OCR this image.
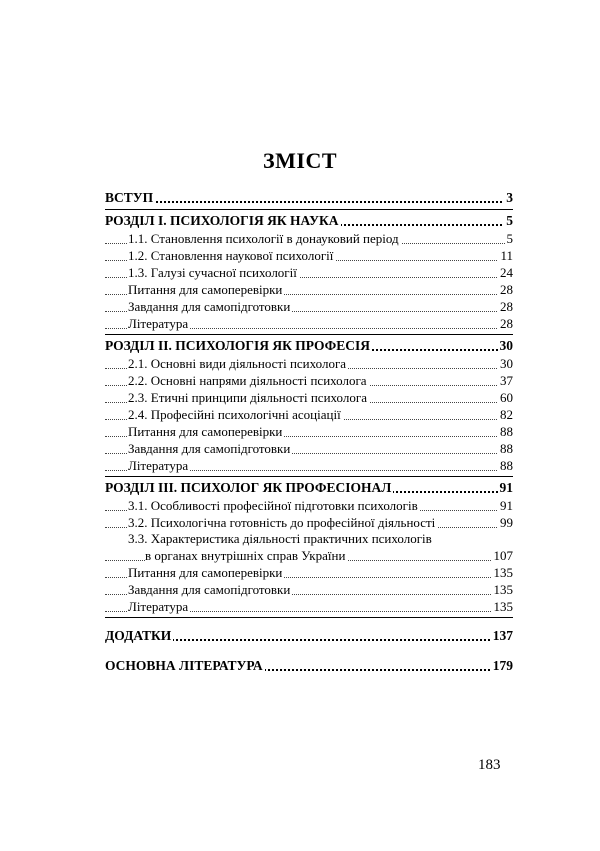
ЗМІСТ
ВСТУП	3
РОЗДІЛ І. ПСИХОЛОГІЯ ЯК НАУКА	5
1.1. Становлення психології в донауковий період	5
1.2. Становлення наукової психології	11
1.3. Галузі сучасної психології	24
Питання для самоперевірки	28
Завдання для самопідготовки	28
Література	28
РОЗДІЛ ІІ. ПСИХОЛОГІЯ ЯК ПРОФЕСІЯ	30
2.1. Основні види діяльності психолога	30
2.2. Основні напрями діяльності психолога	37
2.3. Етичні принципи діяльності психолога	60
2.4. Професійні психологічні асоціації	82
Питання для самоперевірки	88
Завдання для самопідготовки	88
Література	88
РОЗДІЛ ІІІ. ПСИХОЛОГ ЯК ПРОФЕСІОНАЛ	91
3.1. Особливості професійної підготовки психологів	91
3.2. Психологічна готовність до професійної діяльності	99
3.3. Характеристика діяльності практичних психологів
в органах внутрішніх справ України	107
Питання для самоперевірки	135
Завдання для самопідготовки	135
Література	135
ДОДАТКИ	137
ОСНОВНА ЛІТЕРАТУРА	179
183
